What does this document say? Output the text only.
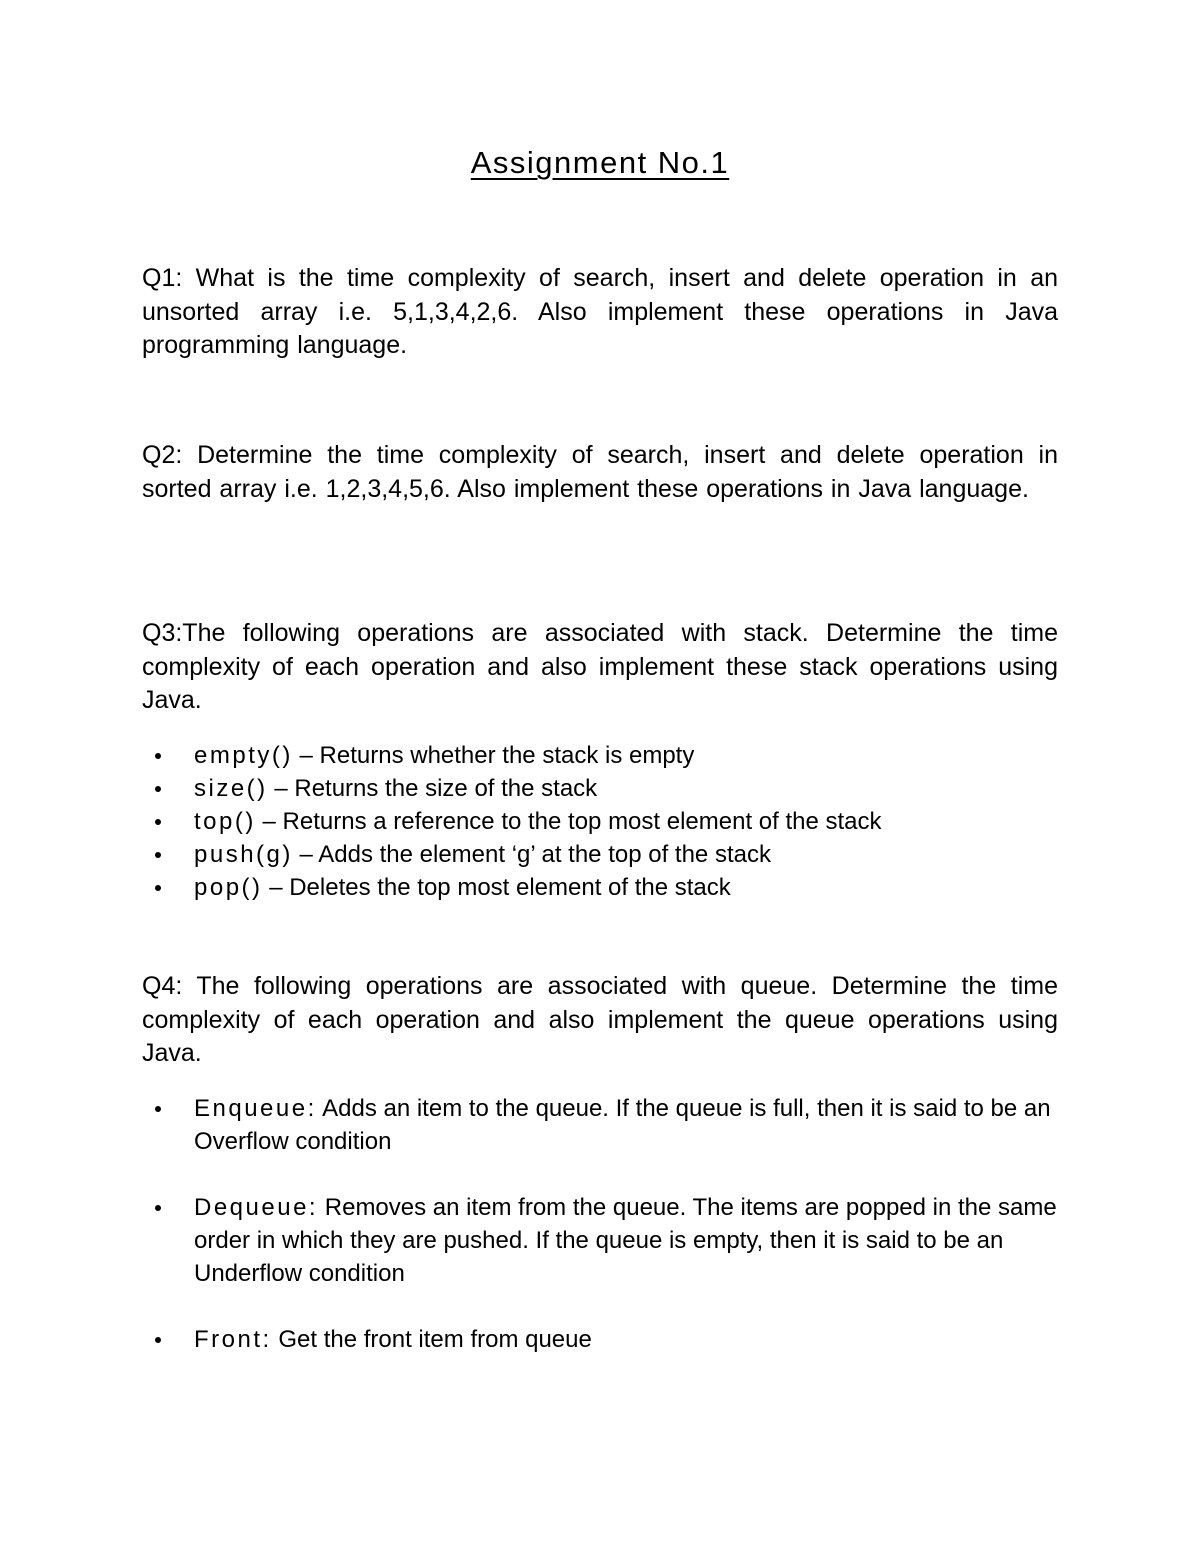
Assignment No.1

Q1: What is the time complexity of search, insert and delete operation in an unsorted array i.e. 5,1,3,4,2,6. Also implement these operations in Java programming language.

Q2: Determine the time complexity of search, insert and delete operation in sorted array i.e. 1,2,3,4,5,6. Also implement these operations in Java language.

Q3:The following operations are associated with stack. Determine the time complexity of each operation and also implement these stack operations using Java.

empty() – Returns whether the stack is empty
size() – Returns the size of the stack
top() – Returns a reference to the top most element of the stack
push(g) – Adds the element ‘g’ at the top of the stack
pop() – Deletes the top most element of the stack

Q4: The following operations are associated with queue. Determine the time complexity of each operation and also implement the queue operations using Java.

Enqueue: Adds an item to the queue. If the queue is full, then it is said to be an Overflow condition
Dequeue: Removes an item from the queue. The items are popped in the same order in which they are pushed. If the queue is empty, then it is said to be an Underflow condition
Front: Get the front item from queue
